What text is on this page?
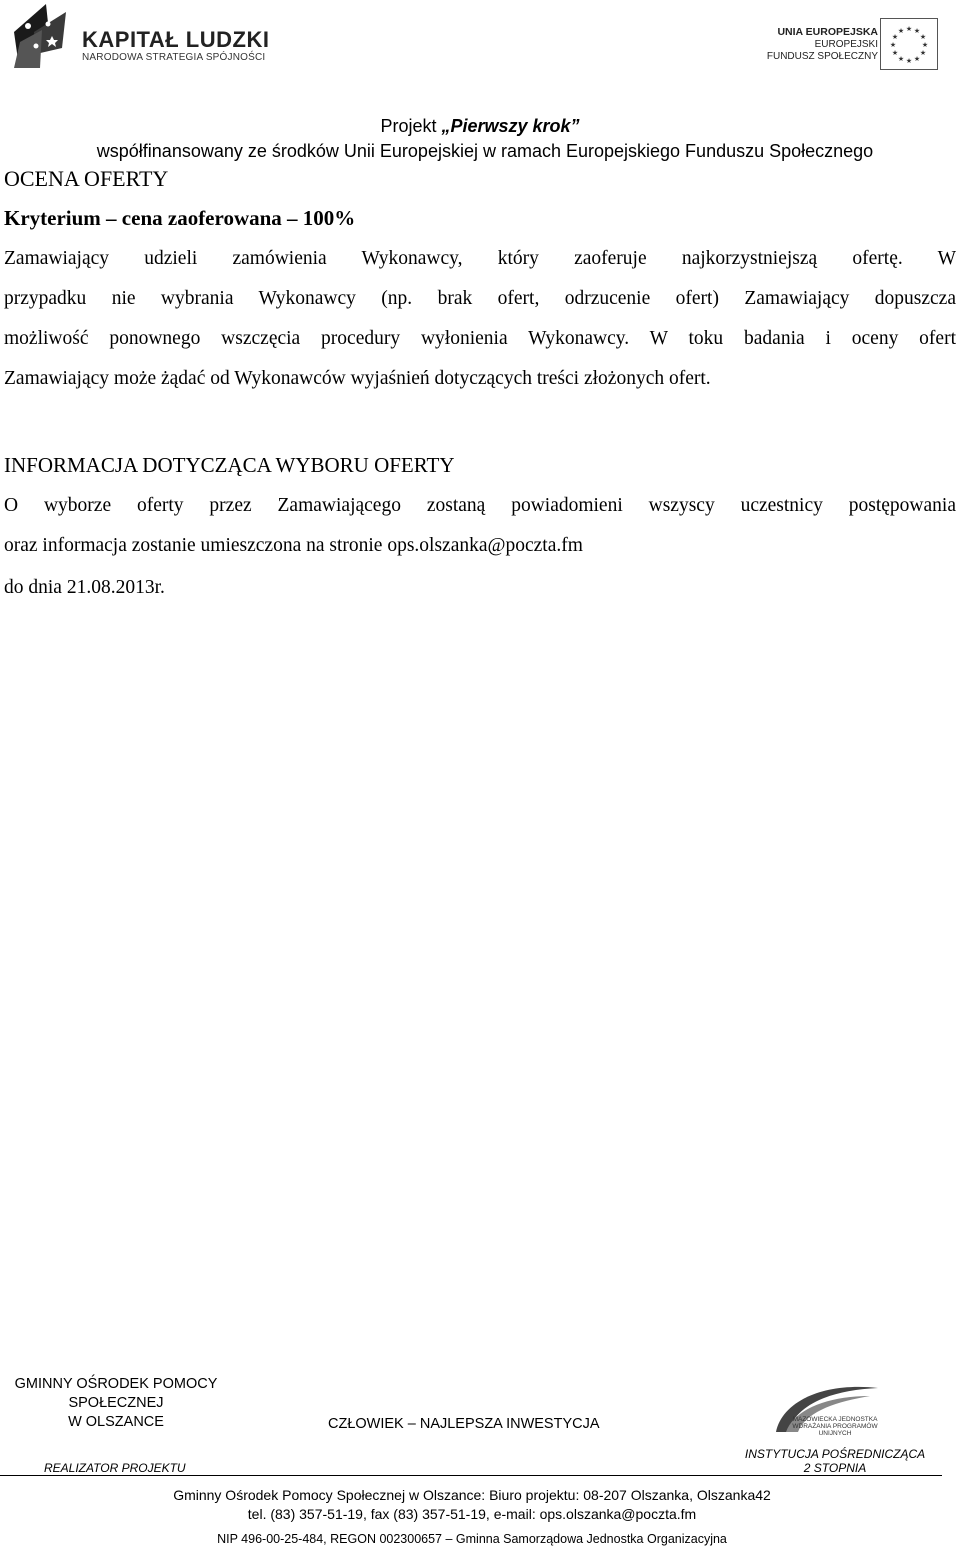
KAPITAŁ LUDZKI
NARODOWA STRATEGIA SPÓJNOŚCI
UNIA EUROPEJSKA
EUROPEJSKI
FUNDUSZ SPOŁECZNY
★ ★
★
★
★
★
★
★
★
★
★
★
Projekt „Pierwszy krok”
współfinansowany ze środków Unii Europejskiej w ramach Europejskiego Funduszu Społecznego
OCENA OFERTY
Kryterium – cena zaoferowana – 100%
Zamawiający udzieli zamówienia Wykonawcy, który zaoferuje najkorzystniejszą ofertę. W
przypadku nie wybrania Wykonawcy (np. brak ofert, odrzucenie ofert) Zamawiający dopuszcza
możliwość ponownego wszczęcia procedury wyłonienia Wykonawcy. W toku badania i oceny ofert
Zamawiający może żądać od Wykonawców wyjaśnień dotyczących treści złożonych ofert.
INFORMACJA DOTYCZĄCA WYBORU OFERTY
O wyborze oferty przez Zamawiającego zostaną powiadomieni wszyscy uczestnicy postępowania
oraz informacja zostanie umieszczona na stronie ops.olszanka@poczta.fm
do dnia 21.08.2013r.
GMINNY OŚRODEK POMOCY
SPOŁECZNEJ
W OLSZANCE	CZŁOWIEK – NAJLEPSZA INWESTYCJA
REALIZATOR PROJEKTU
MAZOWIECKA JEDNOSTKA WDRAŻANIA PROGRAMÓW UNIJNYCH
INSTYTUCJA POŚREDNICZĄCA
2 STOPNIA
Gminny Ośrodek Pomocy Społecznej w Olszance: Biuro projektu: 08-207 Olszanka, Olszanka42
tel. (83) 357-51-19, fax (83) 357-51-19, e-mail: ops.olszanka@poczta.fm
NIP 496-00-25-484, REGON 002300657 – Gminna Samorządowa Jednostka Organizacyjna
